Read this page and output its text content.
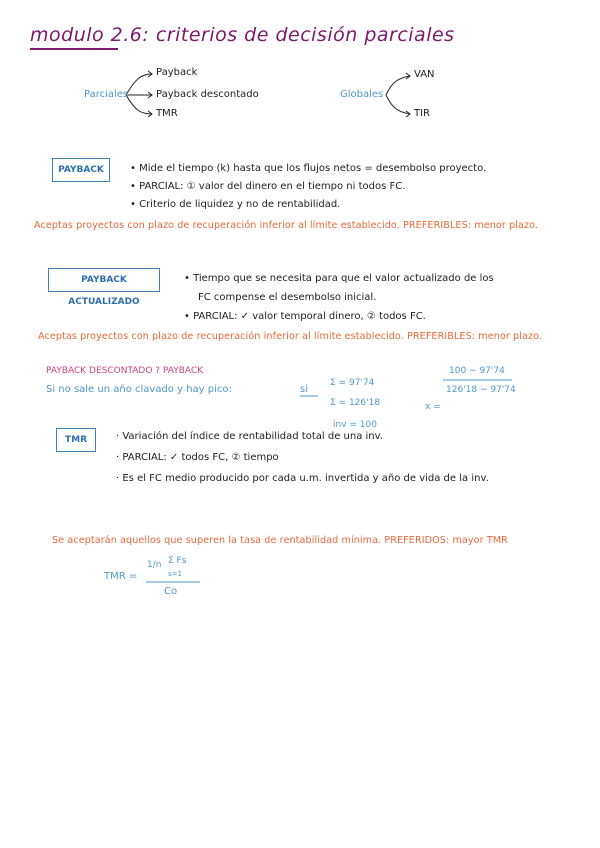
modulo 2.6: criterios de decisión parciales
Parciales
Payback
Payback descontado
TMR
Globales
VAN
TIR
PAYBACK	• Mide el tiempo (k) hasta que los flujos netos = desembolso proyecto.
• PARCIAL: ① valor del dinero en el tiempo ni todos FC.
• Criterio de liquidez y no de rentabilidad.
Aceptas proyectos con plazo de recuperación inferior al límite establecido. PREFERIBLES: menor plazo.
PAYBACK ACTUALIZADO
• Tiempo que se necesita para que el valor actualizado de los
FC compense el desembolso inicial.
• PARCIAL: ✓ valor temporal dinero, ② todos FC.
Aceptas proyectos con plazo de recuperación inferior al límite establecido. PREFERIBLES: menor plazo.
PAYBACK DESCONTADO ? PAYBACK
Si no sale un año clavado y hay pico:	si
Σ = 97'74
Σ = 126'18
inv = 100
x =
100 − 97'74
126'18 − 97'74
TMR	· Variación del índice de rentabilidad total de una inv.
· PARCIAL: ✓ todos FC, ② tiempo
· Es el FC medio producido por cada u.m. invertida y año de vida de la inv.
Se aceptarán aquellos que superen la tasa de rentabilidad mínima. PREFERIDOS: mayor TMR
TMR =
1/n Σ Fs
s=1
Co
